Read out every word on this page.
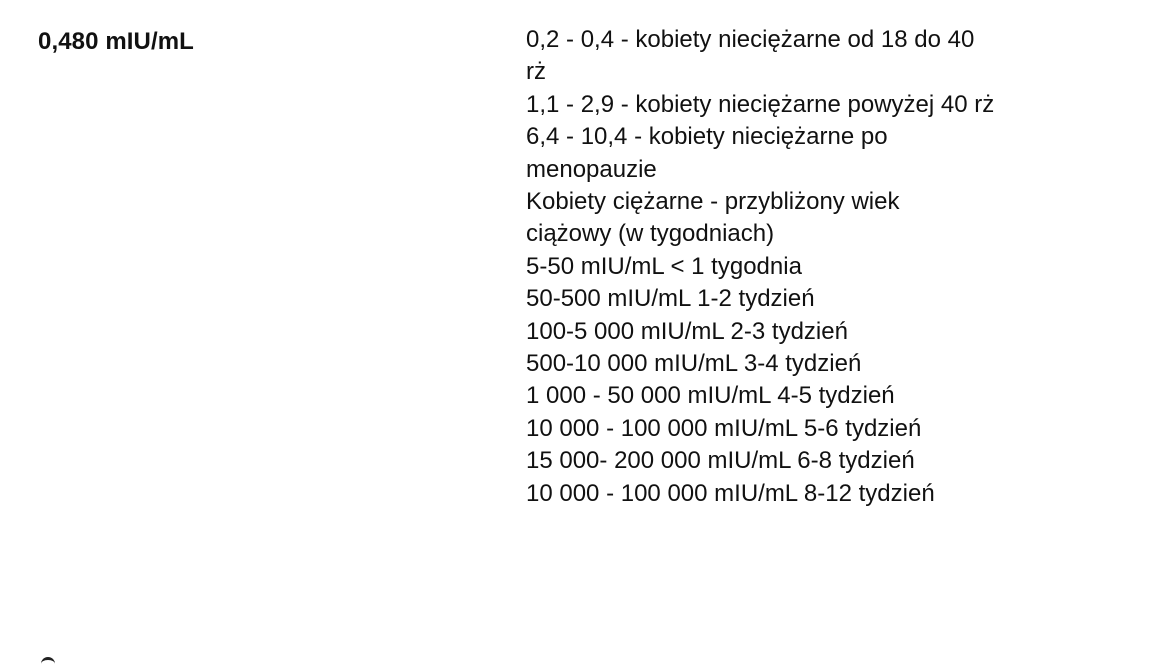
0,480 mIU/mL	0,2 - 0,4 - kobiety nieciężarne od 18 do 40
rż
1,1 - 2,9 - kobiety nieciężarne powyżej 40 rż
6,4 - 10,4 - kobiety nieciężarne po
menopauzie
Kobiety ciężarne - przybliżony wiek
ciążowy (w tygodniach)
5-50 mIU/mL < 1 tygodnia
50-500 mIU/mL 1-2 tydzień
100-5 000 mIU/mL 2-3 tydzień
500-10 000 mIU/mL 3-4 tydzień
1 000 - 50 000 mIU/mL 4-5 tydzień
10 000 - 100 000 mIU/mL 5-6 tydzień
15 000- 200 000 mIU/mL 6-8 tydzień
10 000 - 100 000 mIU/mL 8-12 tydzień
